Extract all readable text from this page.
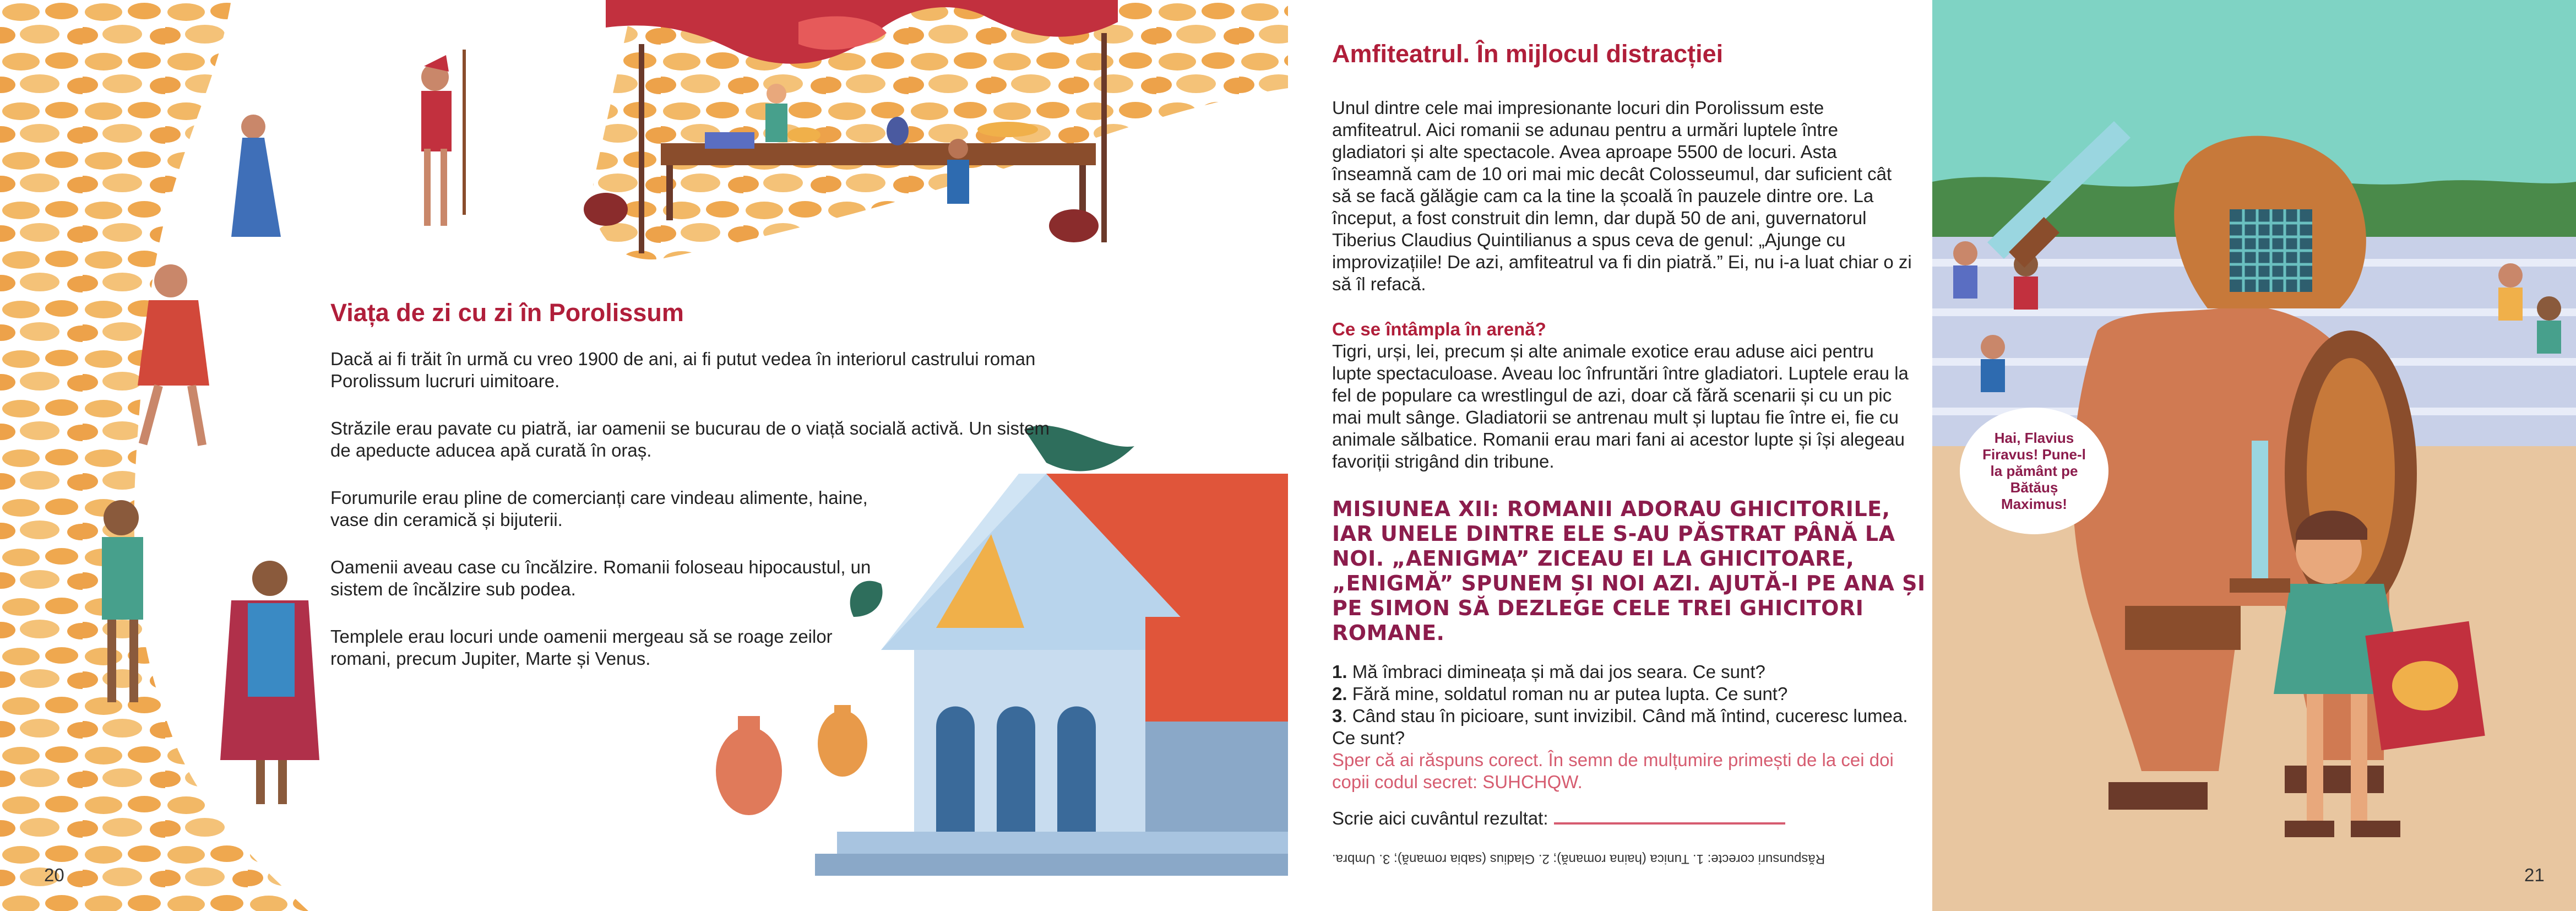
Viața de zi cu zi în Porolissum

Dacă ai fi trăit în urmă cu vreo 1900 de ani, ai fi putut vedea în interiorul castrului roman Porolissum lucruri uimitoare.

Străzile erau pavate cu piatră, iar oamenii se bucurau de o viață socială activă. Un sistem de apeducte aducea apă curată în oraș.

Forumurile erau pline de comercianți care vindeau alimente, haine, vase din ceramică și bijuterii.

Oamenii aveau case cu încălzire. Romanii foloseau hipocaustul, un sistem de încălzire sub podea.

Templele erau locuri unde oamenii mergeau să se roage zeilor romani, precum Jupiter, Marte și Venus.

20
Hai, Flavius Firavus! Pune-l la pământ pe Bătăuș Maximus!
Amfiteatrul. În mijlocul distracției
Unul dintre cele mai impresionante locuri din Porolissum este amfiteatrul. Aici romanii se adunau pentru a urmări luptele între gladiatori și alte spectacole. Avea aproape 5500 de locuri. Asta înseamnă cam de 10 ori mai mic decât Colosseumul, dar suficient cât să se facă gălăgie cam ca la tine la școală în pauzele dintre ore. La început, a fost construit din lemn, dar după 50 de ani, guvernatorul Tiberius Claudius Quintilianus a spus ceva de genul: „Ajunge cu improvizațiile! De azi, amfiteatrul va fi din piatră.” Ei, nu i-a luat chiar o zi să îl refacă.
Ce se întâmpla în arenă?
Tigri, urși, lei, precum și alte animale exotice erau aduse aici pentru lupte spectaculoase. Aveau loc înfruntări între gladiatori. Luptele erau la fel de populare ca wrestlingul de azi, doar că fără scenarii și cu un pic mai mult sânge. Gladiatorii se antrenau mult și luptau fie între ei, fie cu animale sălbatice. Romanii erau mari fani ai acestor lupte și își alegeau favoriții strigând din tribune.
MISIUNEA XII: ROMANII ADORAU GHICITORILE, IAR UNELE DINTRE ELE S-AU PĂSTRAT PÂNĂ LA NOI. „AENIGMA” ZICEAU EI LA GHICITOARE, „ENIGMĂ” SPUNEM ȘI NOI AZI. AJUTĂ-I PE ANA ȘI PE SIMON SĂ DEZLEGE CELE TREI GHICITORI ROMANE.
1. Mă îmbraci dimineața și mă dai jos seara. Ce sunt?
2. Fără mine, soldatul roman nu ar putea lupta. Ce sunt?
3. Când stau în picioare, sunt invizibil. Când mă întind, cuceresc lumea. Ce sunt?
Sper că ai răspuns corect. În semn de mulțumire primești de la cei doi copii codul secret: SUHCHQW.
Scrie aici cuvântul rezultat:
Răspunsuri corecte: 1. Tunica (haina romană); 2. Gladius (sabia romană); 3. Umbra.
21
